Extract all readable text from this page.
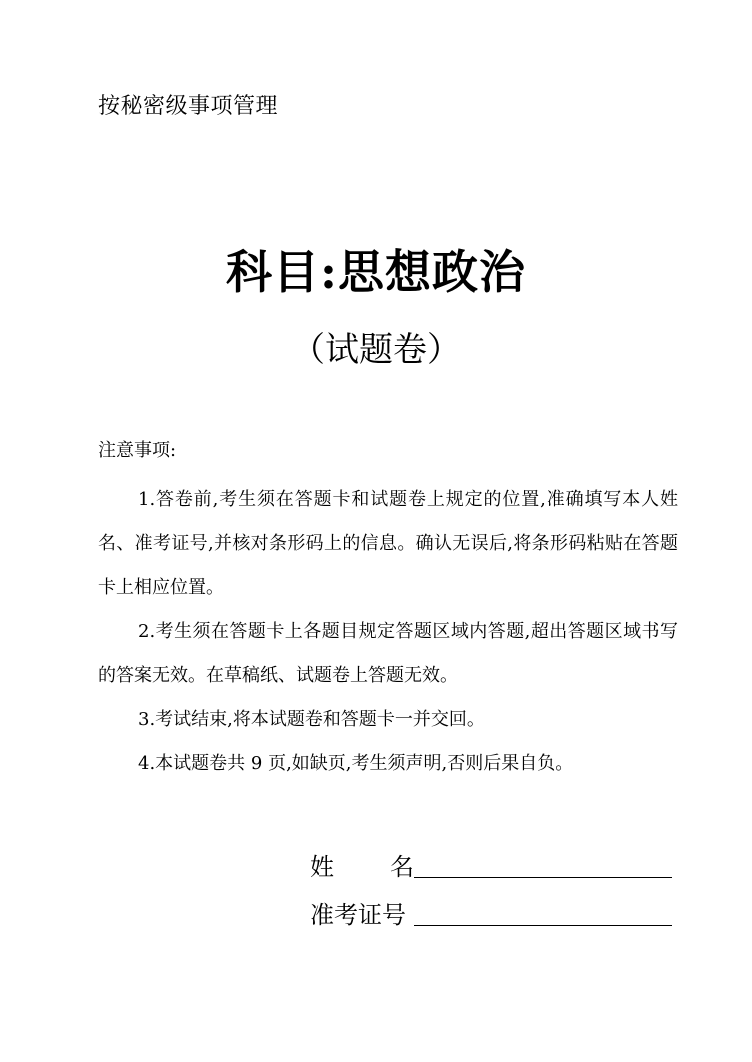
按秘密级事项管理
科目:思想政治
（试题卷）
注意事项:

1.答卷前,考生须在答题卡和试题卷上规定的位置,准确填写本人姓名、准考证号,并核对条形码上的信息。确认无误后,将条形码粘贴在答题卡上相应位置。

2.考生须在答题卡上各题目规定答题区域内答题,超出答题区域书写的答案无效。在草稿纸、试题卷上答题无效。

3.考试结束,将本试题卷和答题卡一并交回。

4.本试题卷共 9 页,如缺页,考生须声明,否则后果自负。

姓 名
准考证号
